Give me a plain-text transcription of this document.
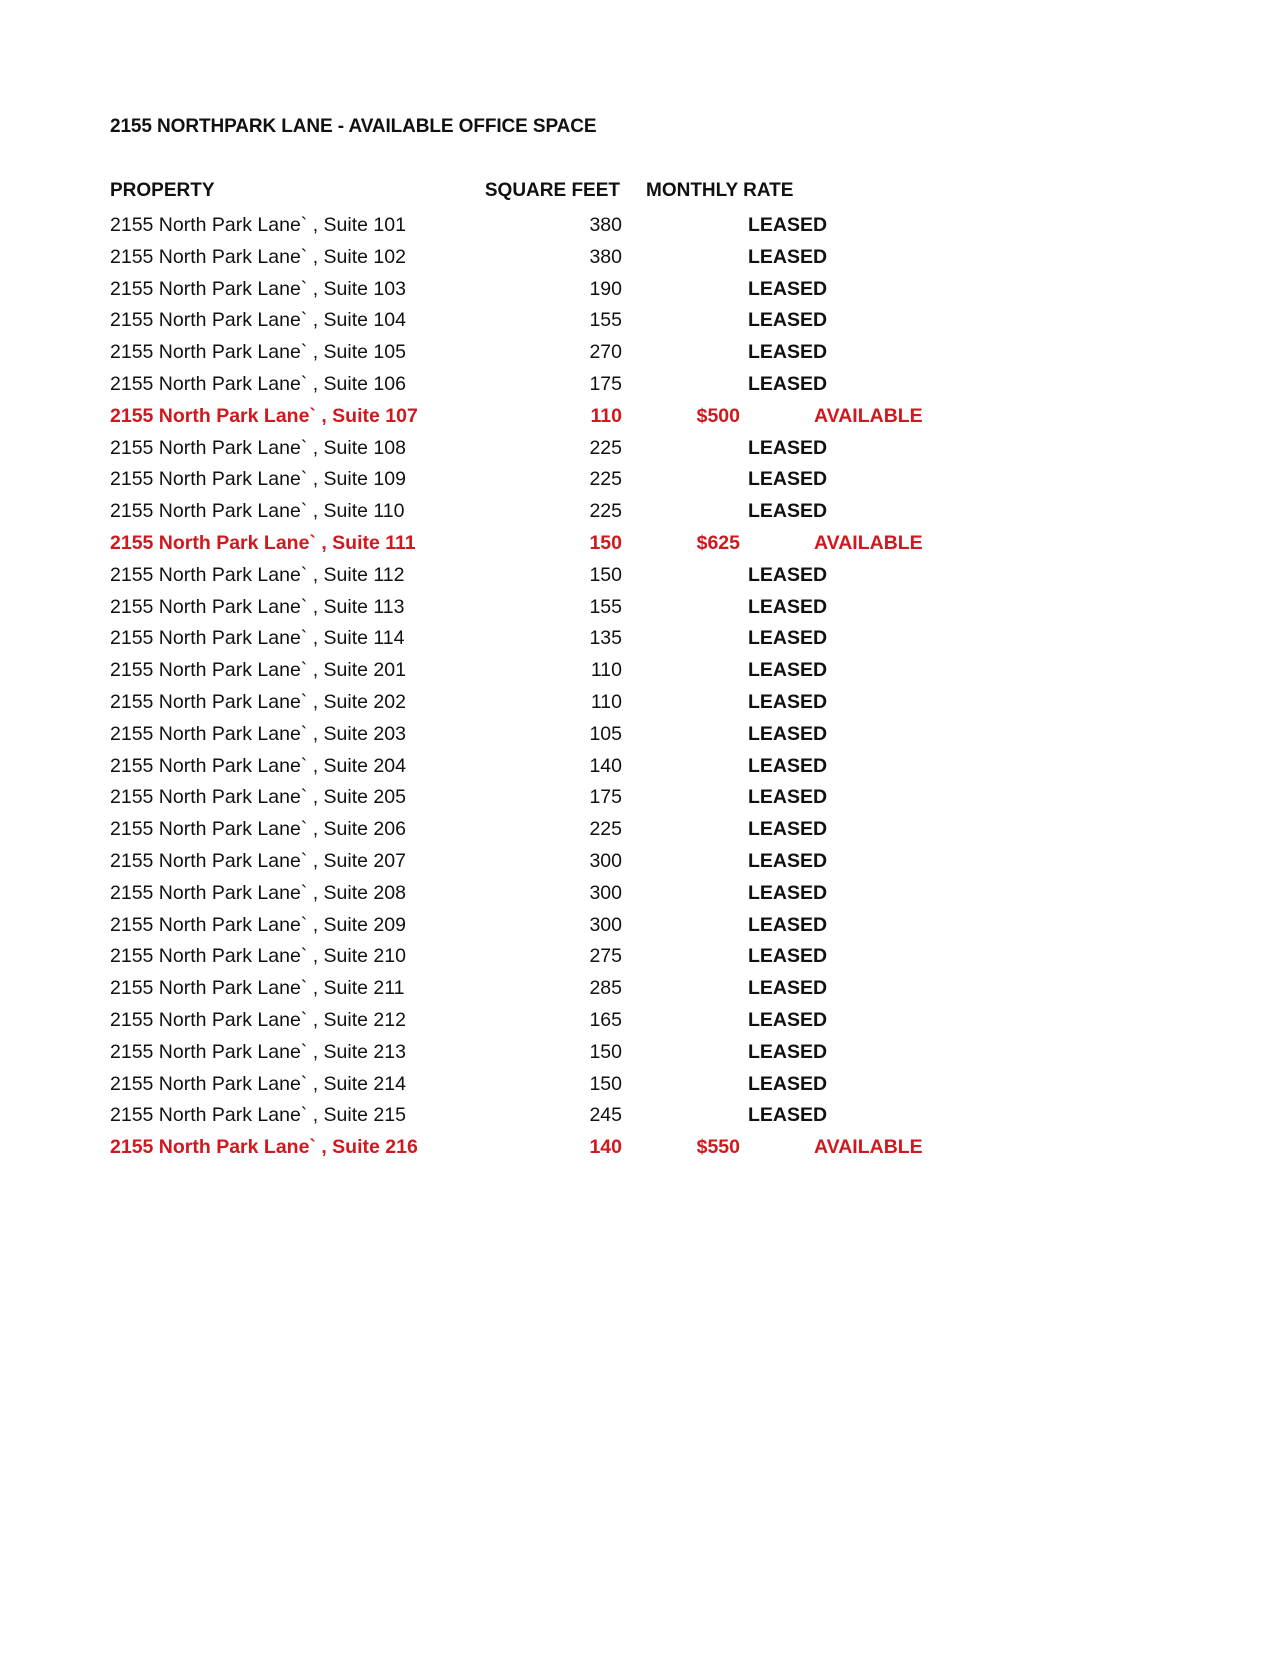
2155 NORTHPARK LANE - AVAILABLE OFFICE SPACE
PROPERTY	SQUARE FEET MONTHLY RATE
2155 North Park Lane` , Suite 101	380	LEASED
2155 North Park Lane` , Suite 102	380	LEASED
2155 North Park Lane` , Suite 103	190	LEASED
2155 North Park Lane` , Suite 104	155	LEASED
2155 North Park Lane` , Suite 105	270	LEASED
2155 North Park Lane` , Suite 106	175	LEASED
2155 North Park Lane` , Suite 107	110	$500	AVAILABLE
2155 North Park Lane` , Suite 108	225	LEASED
2155 North Park Lane` , Suite 109	225	LEASED
2155 North Park Lane` , Suite 110	225	LEASED
2155 North Park Lane` , Suite 111	150	$625	AVAILABLE
2155 North Park Lane` , Suite 112	150	LEASED
2155 North Park Lane` , Suite 113	155	LEASED
2155 North Park Lane` , Suite 114	135	LEASED
2155 North Park Lane` , Suite 201	110	LEASED
2155 North Park Lane` , Suite 202	110	LEASED
2155 North Park Lane` , Suite 203	105	LEASED
2155 North Park Lane` , Suite 204	140	LEASED
2155 North Park Lane` , Suite 205	175	LEASED
2155 North Park Lane` , Suite 206	225	LEASED
2155 North Park Lane` , Suite 207	300	LEASED
2155 North Park Lane` , Suite 208	300	LEASED
2155 North Park Lane` , Suite 209	300	LEASED
2155 North Park Lane` , Suite 210	275	LEASED
2155 North Park Lane` , Suite 211	285	LEASED
2155 North Park Lane` , Suite 212	165	LEASED
2155 North Park Lane` , Suite 213	150	LEASED
2155 North Park Lane` , Suite 214	150	LEASED
2155 North Park Lane` , Suite 215	245	LEASED
2155 North Park Lane` , Suite 216	140	$550	AVAILABLE
